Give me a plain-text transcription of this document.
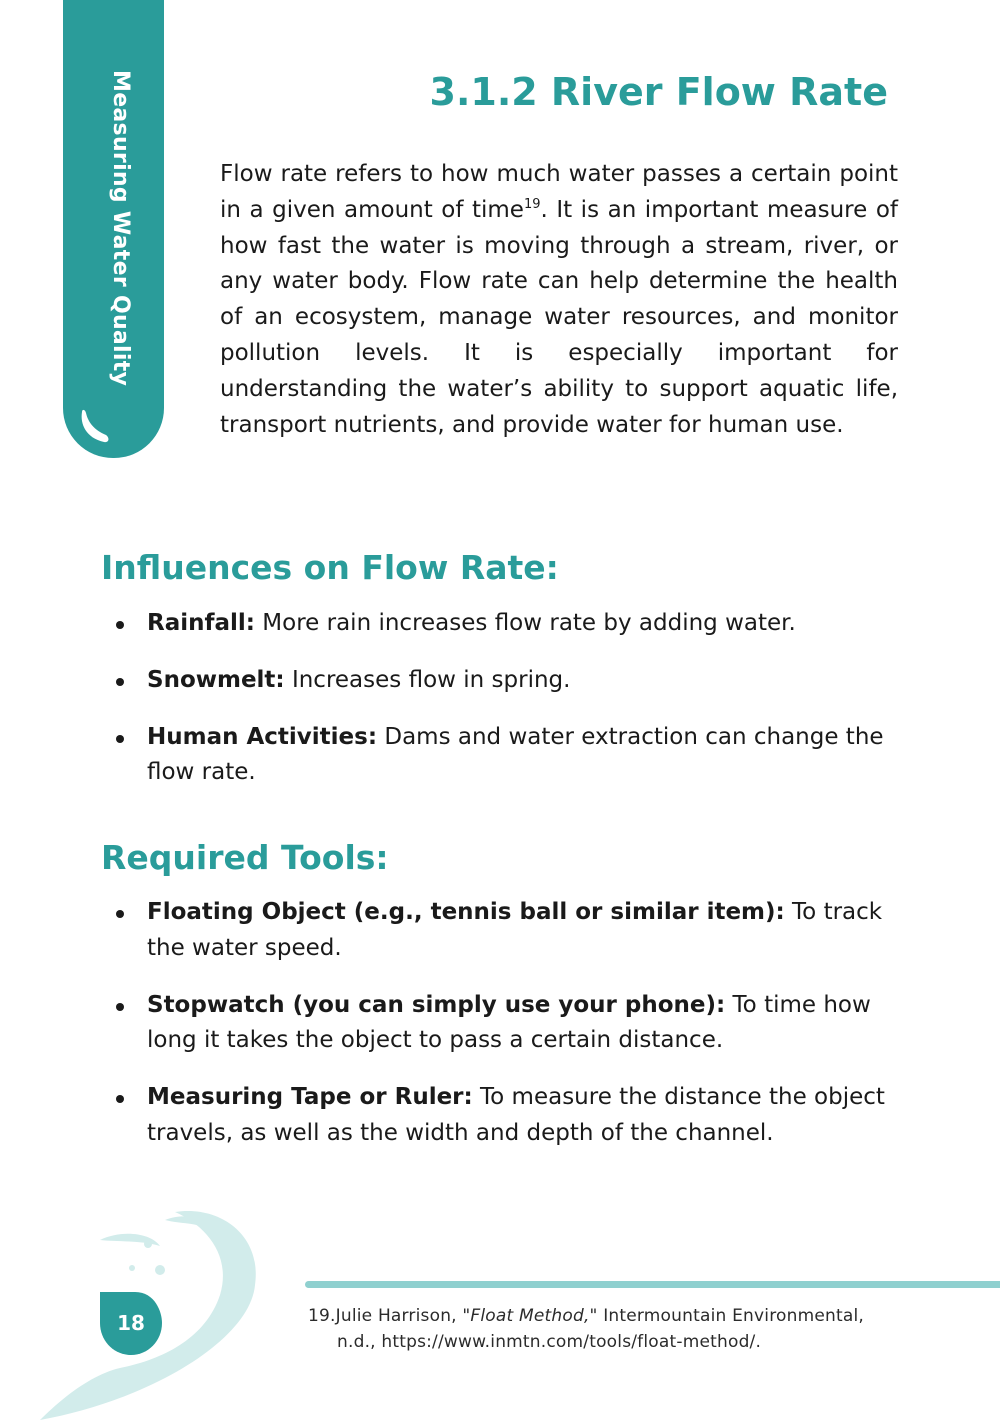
Measuring Water Quality	3.1.2 River Flow Rate

Flow rate refers to how much water passes a certain point in a given amount of time$^{19}$. It is an important measure of how fast the water is moving through a stream, river, or any water body. Flow rate can help determine the health of an ecosystem, manage water resources, and monitor pollution levels. It is especially important for understanding the water’s ability to support aquatic life, transport nutrients, and provide water for human use.

Influences on Flow Rate:
Rainfall: More rain increases flow rate by adding water.
Snowmelt: Increases flow in spring.
Human Activities: Dams and water extraction can change the flow rate.
Required Tools:
Floating Object (e.g., tennis ball or similar item): To track the water speed.
Stopwatch (you can simply use your phone): To time how long it takes the object to pass a certain distance.
Measuring Tape or Ruler: To measure the distance the object travels, as well as the width and depth of the channel.
18	19.Julie Harrison, "Float Method," Intermountain Environmental,
n.d., https://www.inmtn.com/tools/float-method/.
